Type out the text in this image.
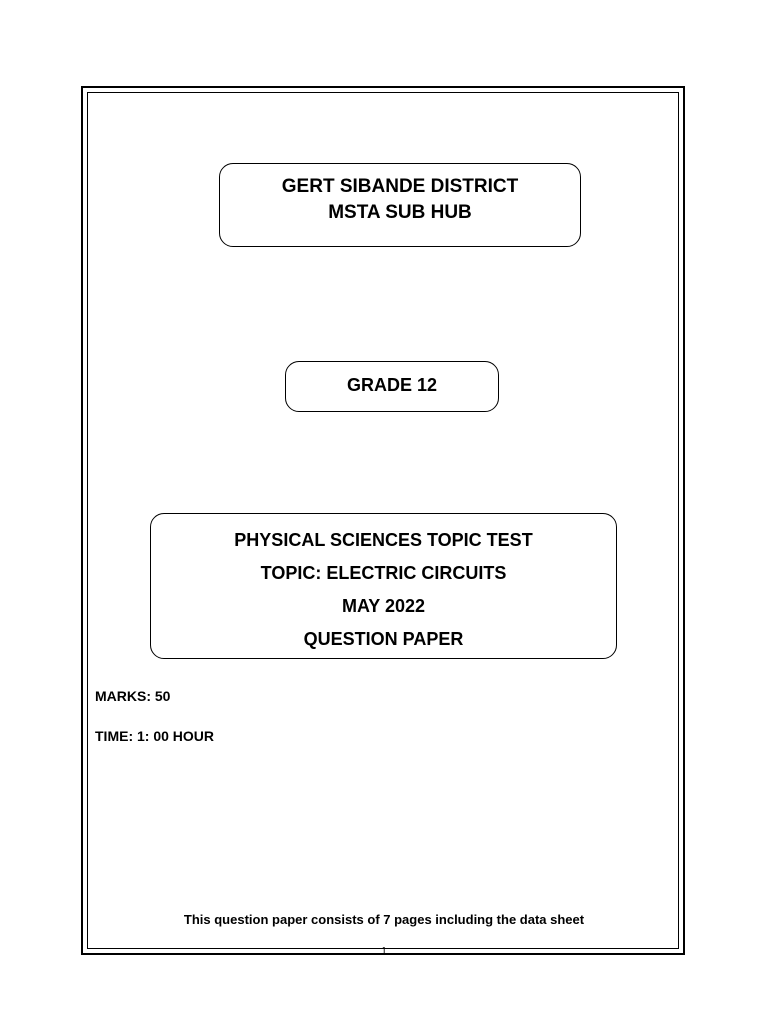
GERT SIBANDE DISTRICT
MSTA SUB HUB
GRADE 12
PHYSICAL SCIENCES TOPIC TEST
TOPIC: ELECTRIC CIRCUITS
MAY 2022
QUESTION PAPER
MARKS: 50
TIME: 1: 00 HOUR
This question paper consists of 7 pages including the data sheet
1
